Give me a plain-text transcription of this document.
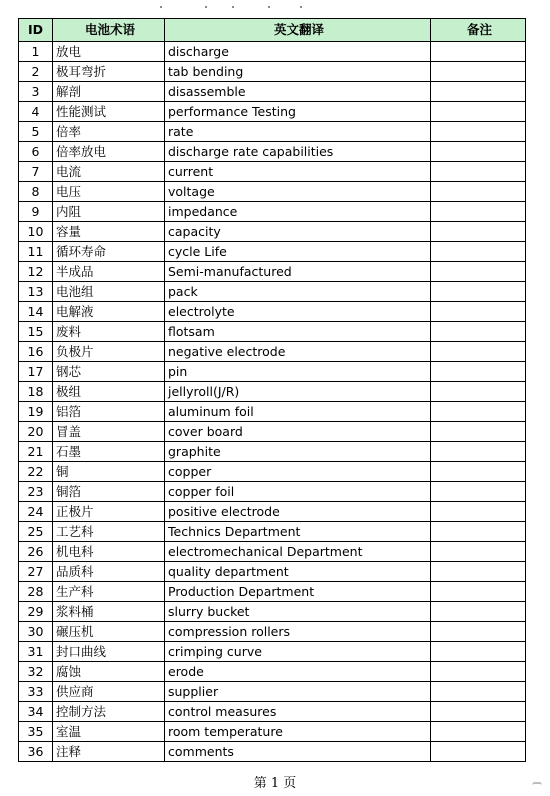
ID	电池术语	英文翻译	备注
1	放电	discharge	
2	极耳弯折	tab bending	
3	解剖	disassemble	
4	性能测试	performance Testing	
5	倍率	rate	
6	倍率放电	discharge rate capabilities	
7	电流	current	
8	电压	voltage	
9	内阻	impedance	
10	容量	capacity	
11	循环寿命	cycle Life	
12	半成品	Semi-manufactured	
13	电池组	pack	
14	电解液	electrolyte	
15	废料	flotsam	
16	负极片	negative electrode	
17	钢芯	pin	
18	极组	jellyroll(J/R)	
19	铝箔	aluminum foil	
20	冒盖	cover board	
21	石墨	graphite	
22	铜	copper	
23	铜箔	copper foil	
24	正极片	positive electrode	
25	工艺科	Technics Department	
26	机电科	electromechanical Department	
27	品质科	quality department	
28	生产科	Production Department	
29	浆料桶	slurry bucket	
30	碾压机	compression rollers	
31	封口曲线	crimping curve	
32	腐蚀	erode	
33	供应商	supplier	
34	控制方法	control measures	
35	室温	room temperature	
36	注释	comments	
第 1 页
